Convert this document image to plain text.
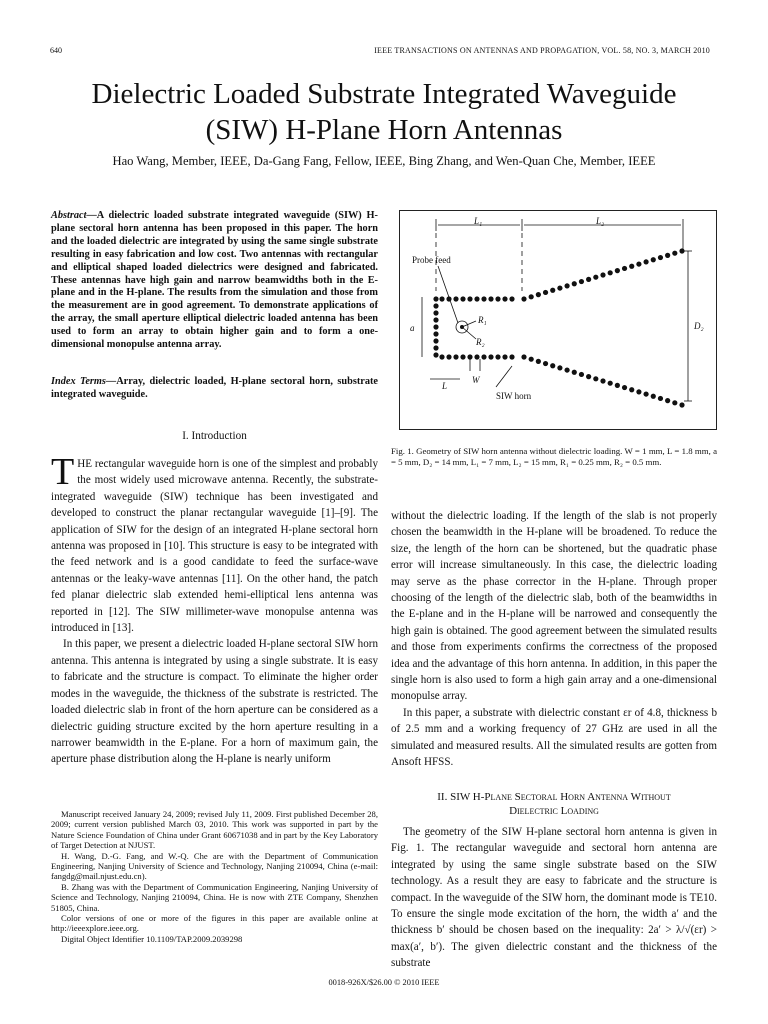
640	IEEE TRANSACTIONS ON ANTENNAS AND PROPAGATION, VOL. 58, NO. 3, MARCH 2010
Dielectric Loaded Substrate Integrated Waveguide
(SIW) H-Plane Horn Antennas
Hao Wang, Member, IEEE, Da-Gang Fang, Fellow, IEEE, Bing Zhang, and Wen-Quan Che, Member, IEEE
Abstract—A dielectric loaded substrate integrated waveguide (SIW) H-plane sectoral horn antenna has been proposed in this paper. The horn and the loaded dielectric are integrated by using the same single substrate resulting in easy fabrication and low cost. Two antennas with rectangular and elliptical shaped loaded dielectrics were designed and fabricated. These antennas have high gain and narrow beamwidths both in the E-plane and in the H-plane. The results from the simulation and those from the measurement are in good agreement. To demonstrate applications of the array, the small aperture elliptical dielectric loaded antenna has been used to form an array to obtain higher gain and to form a one-dimensional monopulse antenna array.
Index Terms—Array, dielectric loaded, H-plane sectoral horn, substrate integrated waveguide.
I. Introduction

THE rectangular waveguide horn is one of the simplest and probably the most widely used microwave antenna. Recently, the substrate-integrated waveguide (SIW) technique has been investigated and developed to construct the planar rectangular waveguide [1]–[9]. The application of SIW for the design of an integrated H-plane sectoral horn antenna was proposed in [10]. This structure is easy to be integrated with the feed network and is a good candidate to feed the surface-wave antennas or the leaky-wave antennas [11]. On the other hand, the patch fed planar dielectric slab extended hemi-elliptical lens antenna was reported in [12]. The SIW millimeter-wave monopulse antenna was introduced in [13].

In this paper, we present a dielectric loaded H-plane sectoral SIW horn antenna. This antenna is integrated by using a single substrate. It is easy to fabricate and the structure is compact. To eliminate the higher order modes in the waveguide, the thickness of the substrate is restricted. The loaded dielectric slab in front of the horn aperture can be considered as a dielectric guiding structure excited by the horn aperture resulting in a narrower beamwidth in the E-plane. For a horn of maximum gain, the aperture phase distribution along the H-plane is nearly uniform

Manuscript received January 24, 2009; revised July 11, 2009. First published December 28, 2009; current version published March 03, 2010. This work was supported in part by the Nature Science Foundation of China under Grant 60671038 and in part by the Key Laboratory of Target Detection at NJUST.

H. Wang, D.-G. Fang, and W.-Q. Che are with the Department of Communication Engineering, Nanjing University of Science and Technology, Nanjing 210094, China (e-mail: fangdg@mail.njust.edu.cn).

B. Zhang was with the Department of Communication Engineering, Nanjing University of Science and Technology, Nanjing 210094, China. He is now with ZTE Company, Shenzhen 51805, China.

Color versions of one or more of the figures in this paper are available online at http://ieeexplore.ieee.org.

Digital Object Identifier 10.1109/TAP.2009.2039298

L₁	L₂
Probe feed
a
R₁
R₂
D₂
L
W
SIW horn
Fig. 1. Geometry of SIW horn antenna without dielectric loading. W = 1 mm, L = 1.8 mm, a = 5 mm, D₂ = 14 mm, L₁ = 7 mm, L₂ = 15 mm, R₁ = 0.25 mm, R₂ = 0.5 mm.

without the dielectric loading. If the length of the slab is not properly chosen the beamwidth in the H-plane will be broadened. To reduce the size, the length of the horn can be shortened, but the quadratic phase error will increase simultaneously. In this case, the dielectric loading may serve as the phase corrector in the H-plane. Through proper choosing of the length of the dielectric slab, both of the beamwidths in the E-plane and in the H-plane will be narrowed and consequently the high gain is obtained. The good agreement between the simulated results and those from experiments confirms the correctness of the proposed idea and the advantage of this horn antenna. In addition, in this paper the single horn is also used to form a high gain array and a one-dimensional monopulse array.

In this paper, a substrate with dielectric constant εr of 4.8, thickness b of 2.5 mm and a working frequency of 27 GHz are used in all the simulated and measured results. All the simulated results are gotten from Ansoft HFSS.

II. SIW H-Plane Sectoral Horn Antenna Without
Dielectric Loading

The geometry of the SIW H-plane sectoral horn antenna is given in Fig. 1. The rectangular waveguide and sectoral horn antenna are integrated by using the same single substrate based on the SIW technology. As a result they are easy to fabricate and the structure is compact. In the waveguide of the SIW horn, the dominant mode is TE10. To ensure the single mode excitation of the horn, the width a′ and the thickness b′ should be chosen based on the inequality: 2a′ > λ/√(εr) > max(a′, b′). The given dielectric constant and the thickness of the substrate

0018-926X/$26.00 © 2010 IEEE
